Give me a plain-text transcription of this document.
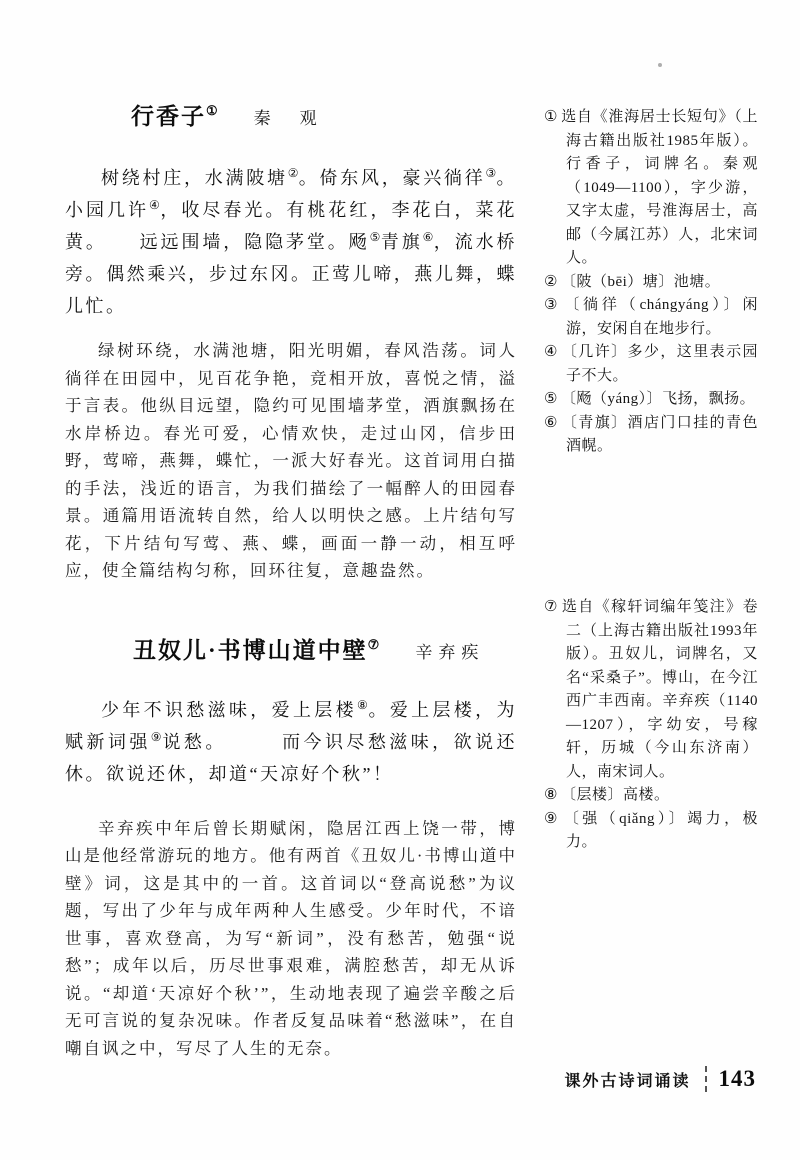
行香子① 秦　观
树绕村庄，水满陂塘②。倚东风，豪兴徜徉③。小园几许④，收尽春光。有桃花红，李花白，菜花黄。　　远远围墙，隐隐茅堂。飏⑤青旗⑥，流水桥旁。偶然乘兴，步过东冈。正莺儿啼，燕儿舞，蝶儿忙。
绿树环绕，水满池塘，阳光明媚，春风浩荡。词人徜徉在田园中，见百花争艳，竞相开放，喜悦之情，溢于言表。他纵目远望，隐约可见围墙茅堂，酒旗飘扬在水岸桥边。春光可爱，心情欢快，走过山冈，信步田野，莺啼，燕舞，蝶忙，一派大好春光。这首词用白描的手法，浅近的语言，为我们描绘了一幅醉人的田园春景。通篇用语流转自然，给人以明快之感。上片结句写花，下片结句写莺、燕、蝶，画面一静一动，相互呼应，使全篇结构匀称，回环往复，意趣盎然。
丑奴儿·书博山道中壁⑦ 辛弃疾
少年不识愁滋味，爱上层楼⑧。爱上层楼，为赋新词强⑨说愁。　　　而今识尽愁滋味，欲说还休。欲说还休，却道“天凉好个秋”！
辛弃疾中年后曾长期赋闲，隐居江西上饶一带，博山是他经常游玩的地方。他有两首《丑奴儿·书博山道中壁》词，这是其中的一首。这首词以“登高说愁”为议题，写出了少年与成年两种人生感受。少年时代，不谙世事，喜欢登高，为写“新词”，没有愁苦，勉强“说愁”；成年以后，历尽世事艰难，满腔愁苦，却无从诉说。“却道‘天凉好个秋’”，生动地表现了遍尝辛酸之后无可言说的复杂况味。作者反复品味着“愁滋味”，在自嘲自讽之中，写尽了人生的无奈。
① 选自《淮海居士长短句》（上海古籍出版社1985年版）。行香子，词牌名。秦观（1049—1100），字少游，又字太虚，号淮海居士，高邮（今属江苏）人，北宋词人。
② 〔陂（bēi）塘〕池塘。
③ 〔徜徉（chángyáng）〕闲游，安闲自在地步行。
④ 〔几许〕多少，这里表示园子不大。
⑤ 〔飏（yáng）〕飞扬，飘扬。
⑥ 〔青旗〕酒店门口挂的青色酒幌。
⑦ 选自《稼轩词编年笺注》卷二（上海古籍出版社1993年版）。丑奴儿，词牌名，又名“采桑子”。博山，在今江西广丰西南。辛弃疾（1140—1207），字幼安，号稼轩，历城（今山东济南）人，南宋词人。
⑧ 〔层楼〕高楼。
⑨ 〔强（qiǎng）〕竭力，极力。
课外古诗词诵读 143
